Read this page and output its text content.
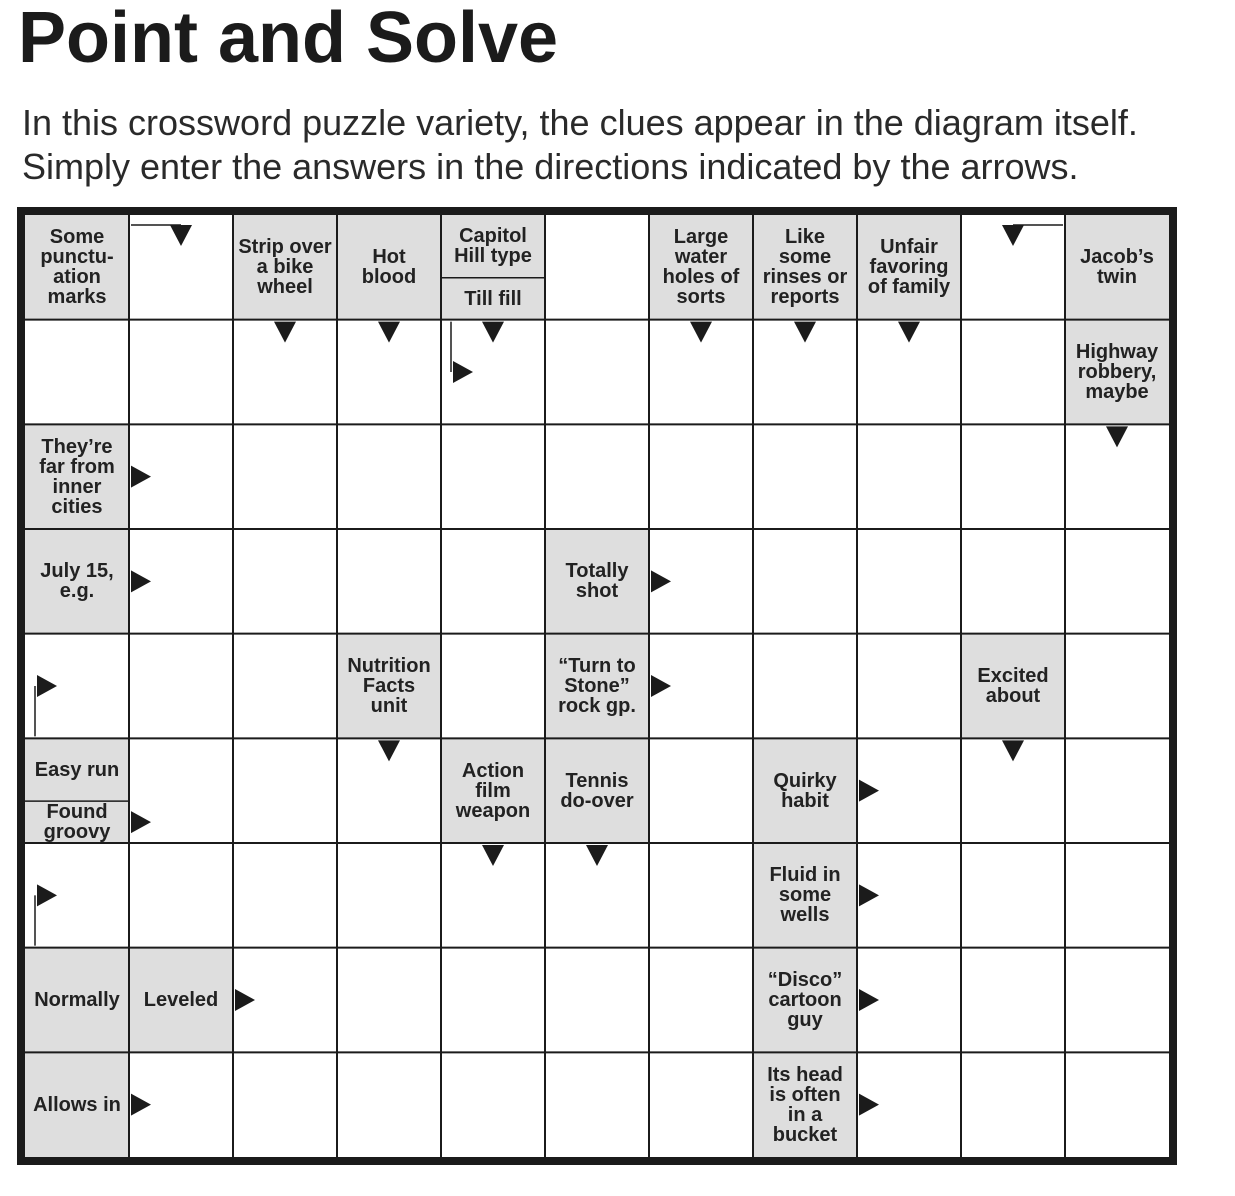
Point and Solve
In this crossword puzzle variety, the clues appear in the diagram itself.
Simply enter the answers in the directions indicated by the arrows.
Some
punctu-
ation
marks
Strip over
a bike
wheel
Hot
blood
Capitol
Hill type
Till fill
Large
water
holes of
sorts
Like
some
rinses or
reports
Unfair
favoring
of family
Jacob’s
twin
Highway
robbery,
maybe
They’re
far from
inner
cities
July 15,
e.g.
Totally
shot
Nutrition
Facts
unit
“Turn to
Stone”
rock gp.
Excited
about
Easy run
Found
groovy
Action
film
weapon
Tennis
do-over
Quirky
habit
Fluid in
some
wells
Normally Leveled
“Disco”
cartoon
guy
Allows in
Its head
is often
in a
bucket
